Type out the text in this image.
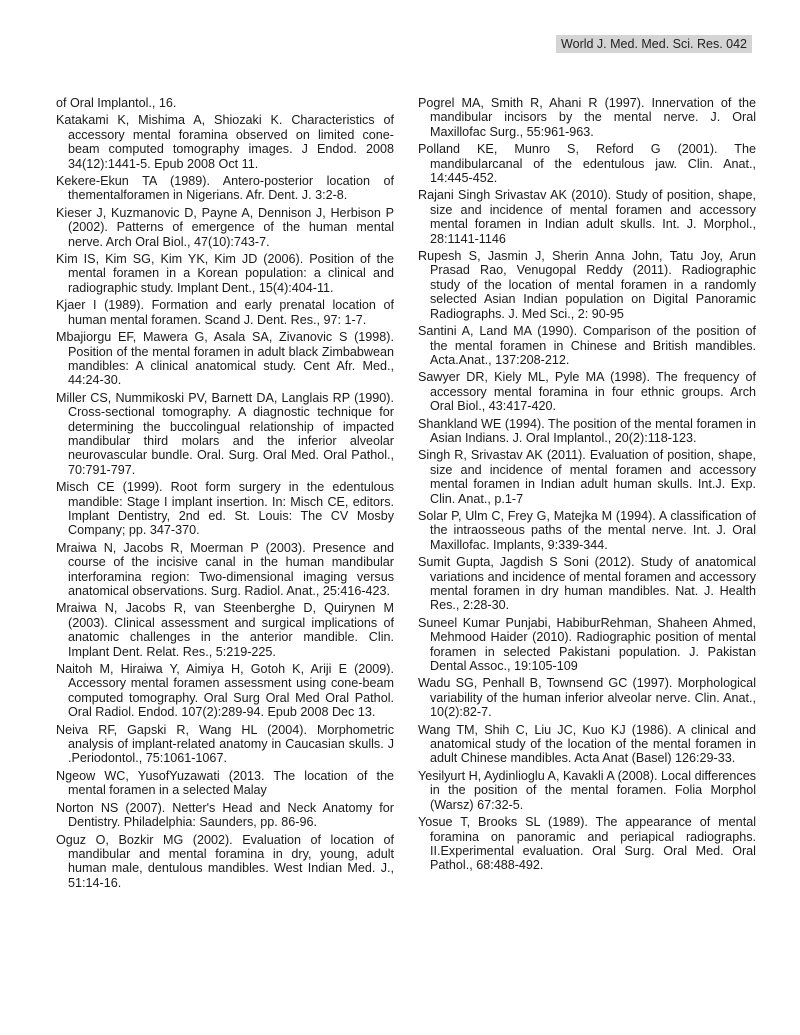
World J. Med. Med. Sci. Res. 042

of Oral Implantol., 16.

Katakami K, Mishima A, Shiozaki K. Characteristics of accessory mental foramina observed on limited cone-beam computed tomography images. J Endod. 2008 34(12):1441-5. Epub 2008 Oct 11.

Kekere-Ekun TA (1989). Antero-posterior location of thementalforamen in Nigerians. Afr. Dent. J. 3:2-8.

Kieser J, Kuzmanovic D, Payne A, Dennison J, Herbison P (2002). Patterns of emergence of the human mental nerve. Arch Oral Biol., 47(10):743-7.

Kim IS, Kim SG, Kim YK, Kim JD (2006). Position of the mental foramen in a Korean population: a clinical and radiographic study. Implant Dent., 15(4):404-11.

Kjaer I (1989). Formation and early prenatal location of human mental foramen. Scand J. Dent. Res., 97: 1-7.

Mbajiorgu EF, Mawera G, Asala SA, Zivanovic S (1998). Position of the mental foramen in adult black Zimbabwean mandibles: A clinical anatomical study. Cent Afr. Med., 44:24-30.

Miller CS, Nummikoski PV, Barnett DA, Langlais RP (1990). Cross-sectional tomography. A diagnostic technique for determining the buccolingual relationship of impacted mandibular third molars and the inferior alveolar neurovascular bundle. Oral. Surg. Oral Med. Oral Pathol., 70:791-797.

Misch CE (1999). Root form surgery in the edentulous mandible: Stage I implant insertion. In: Misch CE, editors. Implant Dentistry, 2nd ed. St. Louis: The CV Mosby Company; pp. 347-370.

Mraiwa N, Jacobs R, Moerman P (2003). Presence and course of the incisive canal in the human mandibular interforamina region: Two-dimensional imaging versus anatomical observations. Surg. Radiol. Anat., 25:416-423.

Mraiwa N, Jacobs R, van Steenberghe D, Quirynen M (2003). Clinical assessment and surgical implications of anatomic challenges in the anterior mandible. Clin. Implant Dent. Relat. Res., 5:219-225.

Naitoh M, Hiraiwa Y, Aimiya H, Gotoh K, Ariji E (2009). Accessory mental foramen assessment using cone-beam computed tomography. Oral Surg Oral Med Oral Pathol. Oral Radiol. Endod. 107(2):289-94. Epub 2008 Dec 13.

Neiva RF, Gapski R, Wang HL (2004). Morphometric analysis of implant-related anatomy in Caucasian skulls. J .Periodontol., 75:1061-1067.

Ngeow WC, YusofYuzawati (2013. The location of the mental foramen in a selected Malay

Norton NS (2007). Netter's Head and Neck Anatomy for Dentistry. Philadelphia: Saunders, pp. 86-96.

Oguz O, Bozkir MG (2002). Evaluation of location of mandibular and mental foramina in dry, young, adult human male, dentulous mandibles. West Indian Med. J., 51:14-16.

Pogrel MA, Smith R, Ahani R (1997). Innervation of the mandibular incisors by the mental nerve. J. Oral Maxillofac Surg., 55:961-963.

Polland KE, Munro S, Reford G (2001). The mandibularcanal of the edentulous jaw. Clin. Anat., 14:445-452.

Rajani Singh Srivastav AK (2010). Study of position, shape, size and incidence of mental foramen and accessory mental foramen in Indian adult skulls. Int. J. Morphol., 28:1141-1146

Rupesh S, Jasmin J, Sherin Anna John, Tatu Joy, Arun Prasad Rao, Venugopal Reddy (2011). Radiographic study of the location of mental foramen in a randomly selected Asian Indian population on Digital Panoramic Radiographs. J. Med Sci., 2: 90-95

Santini A, Land MA (1990). Comparison of the position of the mental foramen in Chinese and British mandibles. Acta.Anat., 137:208-212.

Sawyer DR, Kiely ML, Pyle MA (1998). The frequency of accessory mental foramina in four ethnic groups. Arch Oral Biol., 43:417-420.

Shankland WE (1994). The position of the mental foramen in Asian Indians. J. Oral Implantol., 20(2):118-123.

Singh R, Srivastav AK (2011). Evaluation of position, shape, size and incidence of mental foramen and accessory mental foramen in Indian adult human skulls. Int.J. Exp. Clin. Anat., p.1-7

Solar P, Ulm C, Frey G, Matejka M (1994). A classification of the intraosseous paths of the mental nerve. Int. J. Oral Maxillofac. Implants, 9:339-344.

Sumit Gupta, Jagdish S Soni (2012). Study of anatomical variations and incidence of mental foramen and accessory mental foramen in dry human mandibles. Nat. J. Health Res., 2:28-30.

Suneel Kumar Punjabi, HabiburRehman, Shaheen Ahmed, Mehmood Haider (2010). Radiographic position of mental foramen in selected Pakistani population. J. Pakistan Dental Assoc., 19:105-109

Wadu SG, Penhall B, Townsend GC (1997). Morphological variability of the human inferior alveolar nerve. Clin. Anat., 10(2):82-7.

Wang TM, Shih C, Liu JC, Kuo KJ (1986). A clinical and anatomical study of the location of the mental foramen in adult Chinese mandibles. Acta Anat (Basel) 126:29-33.

Yesilyurt H, Aydinlioglu A, Kavakli A (2008). Local differences in the position of the mental foramen. Folia Morphol (Warsz) 67:32-5.

Yosue T, Brooks SL (1989). The appearance of mental foramina on panoramic and periapical radiographs. II.Experimental evaluation. Oral Surg. Oral Med. Oral Pathol., 68:488-492.
